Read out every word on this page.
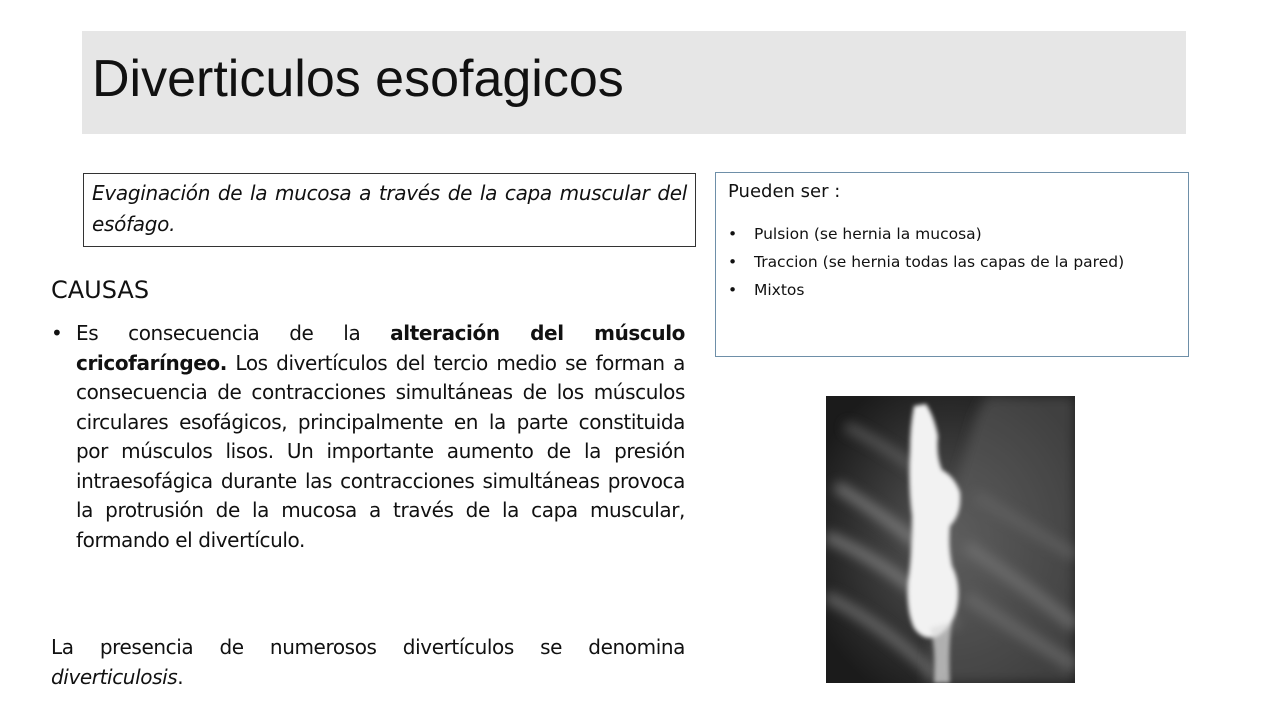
Diverticulos esofagicos
Evaginación de la mucosa a través de la capa muscular del esófago.

Pueden ser :

• Pulsion (se hernia la mucosa)
• Traccion (se hernia todas las capas de la pared)
• Mixtos
CAUSAS
• Es consecuencia de la alteración del músculo cricofaríngeo. Los divertículos del tercio medio se forman a consecuencia de contracciones simultáneas de los músculos circulares esofágicos, principalmente en la parte constituida por músculos lisos. Un importante aumento de la presión intraesofágica durante las contracciones simultáneas provoca la protrusión de la mucosa a través de la capa muscular, formando el divertículo.

La presencia de numerosos divertículos se denomina diverticulosis.
